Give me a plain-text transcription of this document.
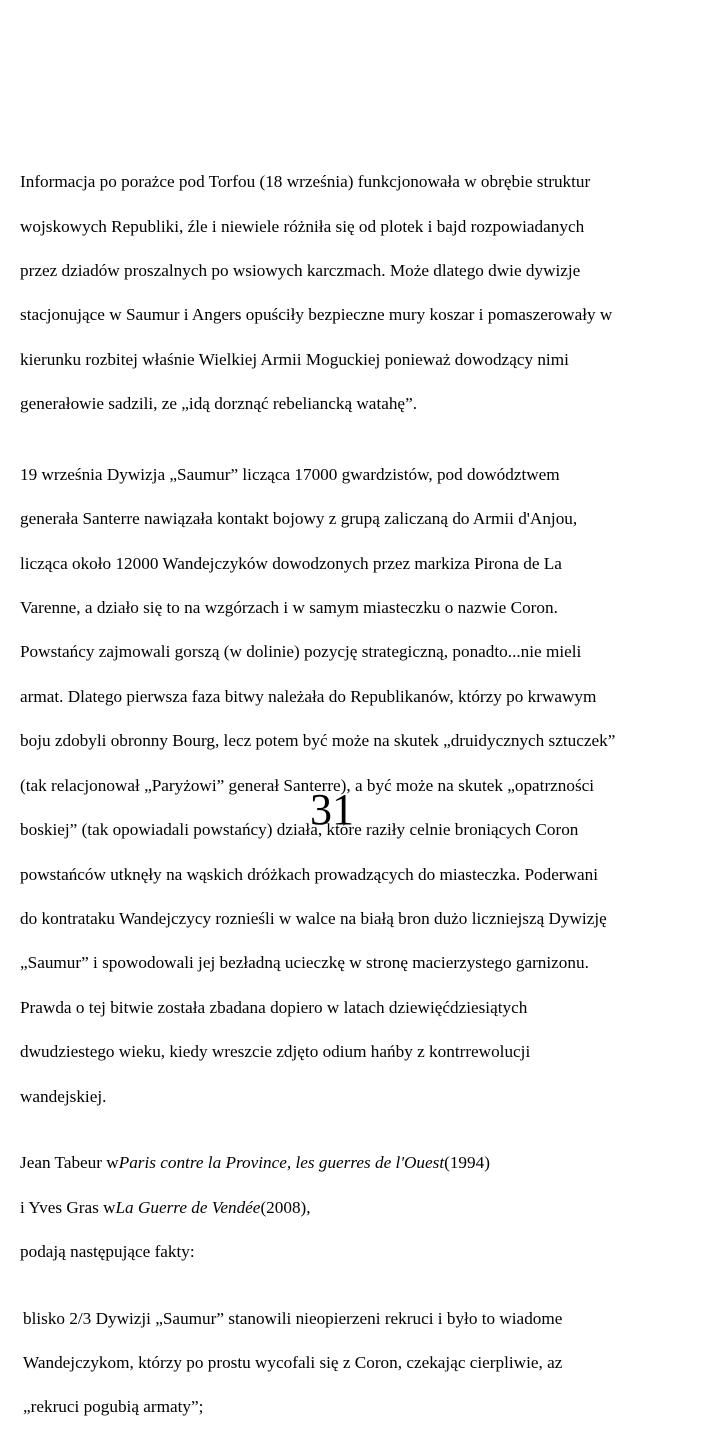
Informacja po porażce pod Torfou (18 września) funkcjonowała w obrębie struktur

wojskowych Republiki, źle i niewiele różniła się od plotek i bajd rozpowiadanych

przez dziadów proszalnych po wsiowych karczmach. Może dlatego dwie dywizje

stacjonujące w Saumur i Angers opuściły bezpieczne mury koszar i pomaszerowały w

kierunku rozbitej właśnie Wielkiej Armii Moguckiej ponieważ dowodzący nimi

generałowie sadzili, ze „idą dorznąć rebeliancką watahę”.

19 września Dywizja „Saumur” licząca 17000 gwardzistów, pod dowództwem

generała Santerre nawiązała kontakt bojowy z grupą zaliczaną do Armii d'Anjou,

licząca około 12000 Wandejczyków dowodzonych przez markiza Pirona de La

Varenne, a działo się to na wzgórzach i w samym miasteczku o nazwie Coron.

Powstańcy zajmowali gorszą (w dolinie) pozycję strategiczną, ponadto...nie mieli

armat. Dlatego pierwsza faza bitwy należała do Republikanów, którzy po krwawym

boju zdobyli obronny Bourg, lecz potem być może na skutek „druidycznych sztuczek”

(tak relacjonował „Paryżowi” generał Santerre), a być może na skutek „opatrzności

boskiej” (tak opowiadali powstańcy) działa, które raziły celnie broniących Coron

powstańców utknęły na wąskich dróżkach prowadzących do miasteczka. Poderwani

do kontrataku Wandejczycy roznieśli w walce na białą bron dużo liczniejszą Dywizję

„Saumur” i spowodowali jej bezładną ucieczkę w stronę macierzystego garnizonu.

Prawda o tej bitwie została zbadana dopiero w latach dziewięćdziesiątych

dwudziestego wieku, kiedy wreszcie zdjęto odium hańby z kontrrewolucji

wandejskiej.

Jean Tabeur wParis contre la Province, les guerres de l'Ouest(1994)

i Yves Gras wLa Guerre de Vendée(2008),

podają następujące fakty:

blisko 2/3 Dywizji „Saumur” stanowili nieopierzeni rekruci i było to wiadome

Wandejczykom, którzy po prostu wycofali się z Coron, czekając cierpliwie, az

„rekruci pogubią armaty”;

31
